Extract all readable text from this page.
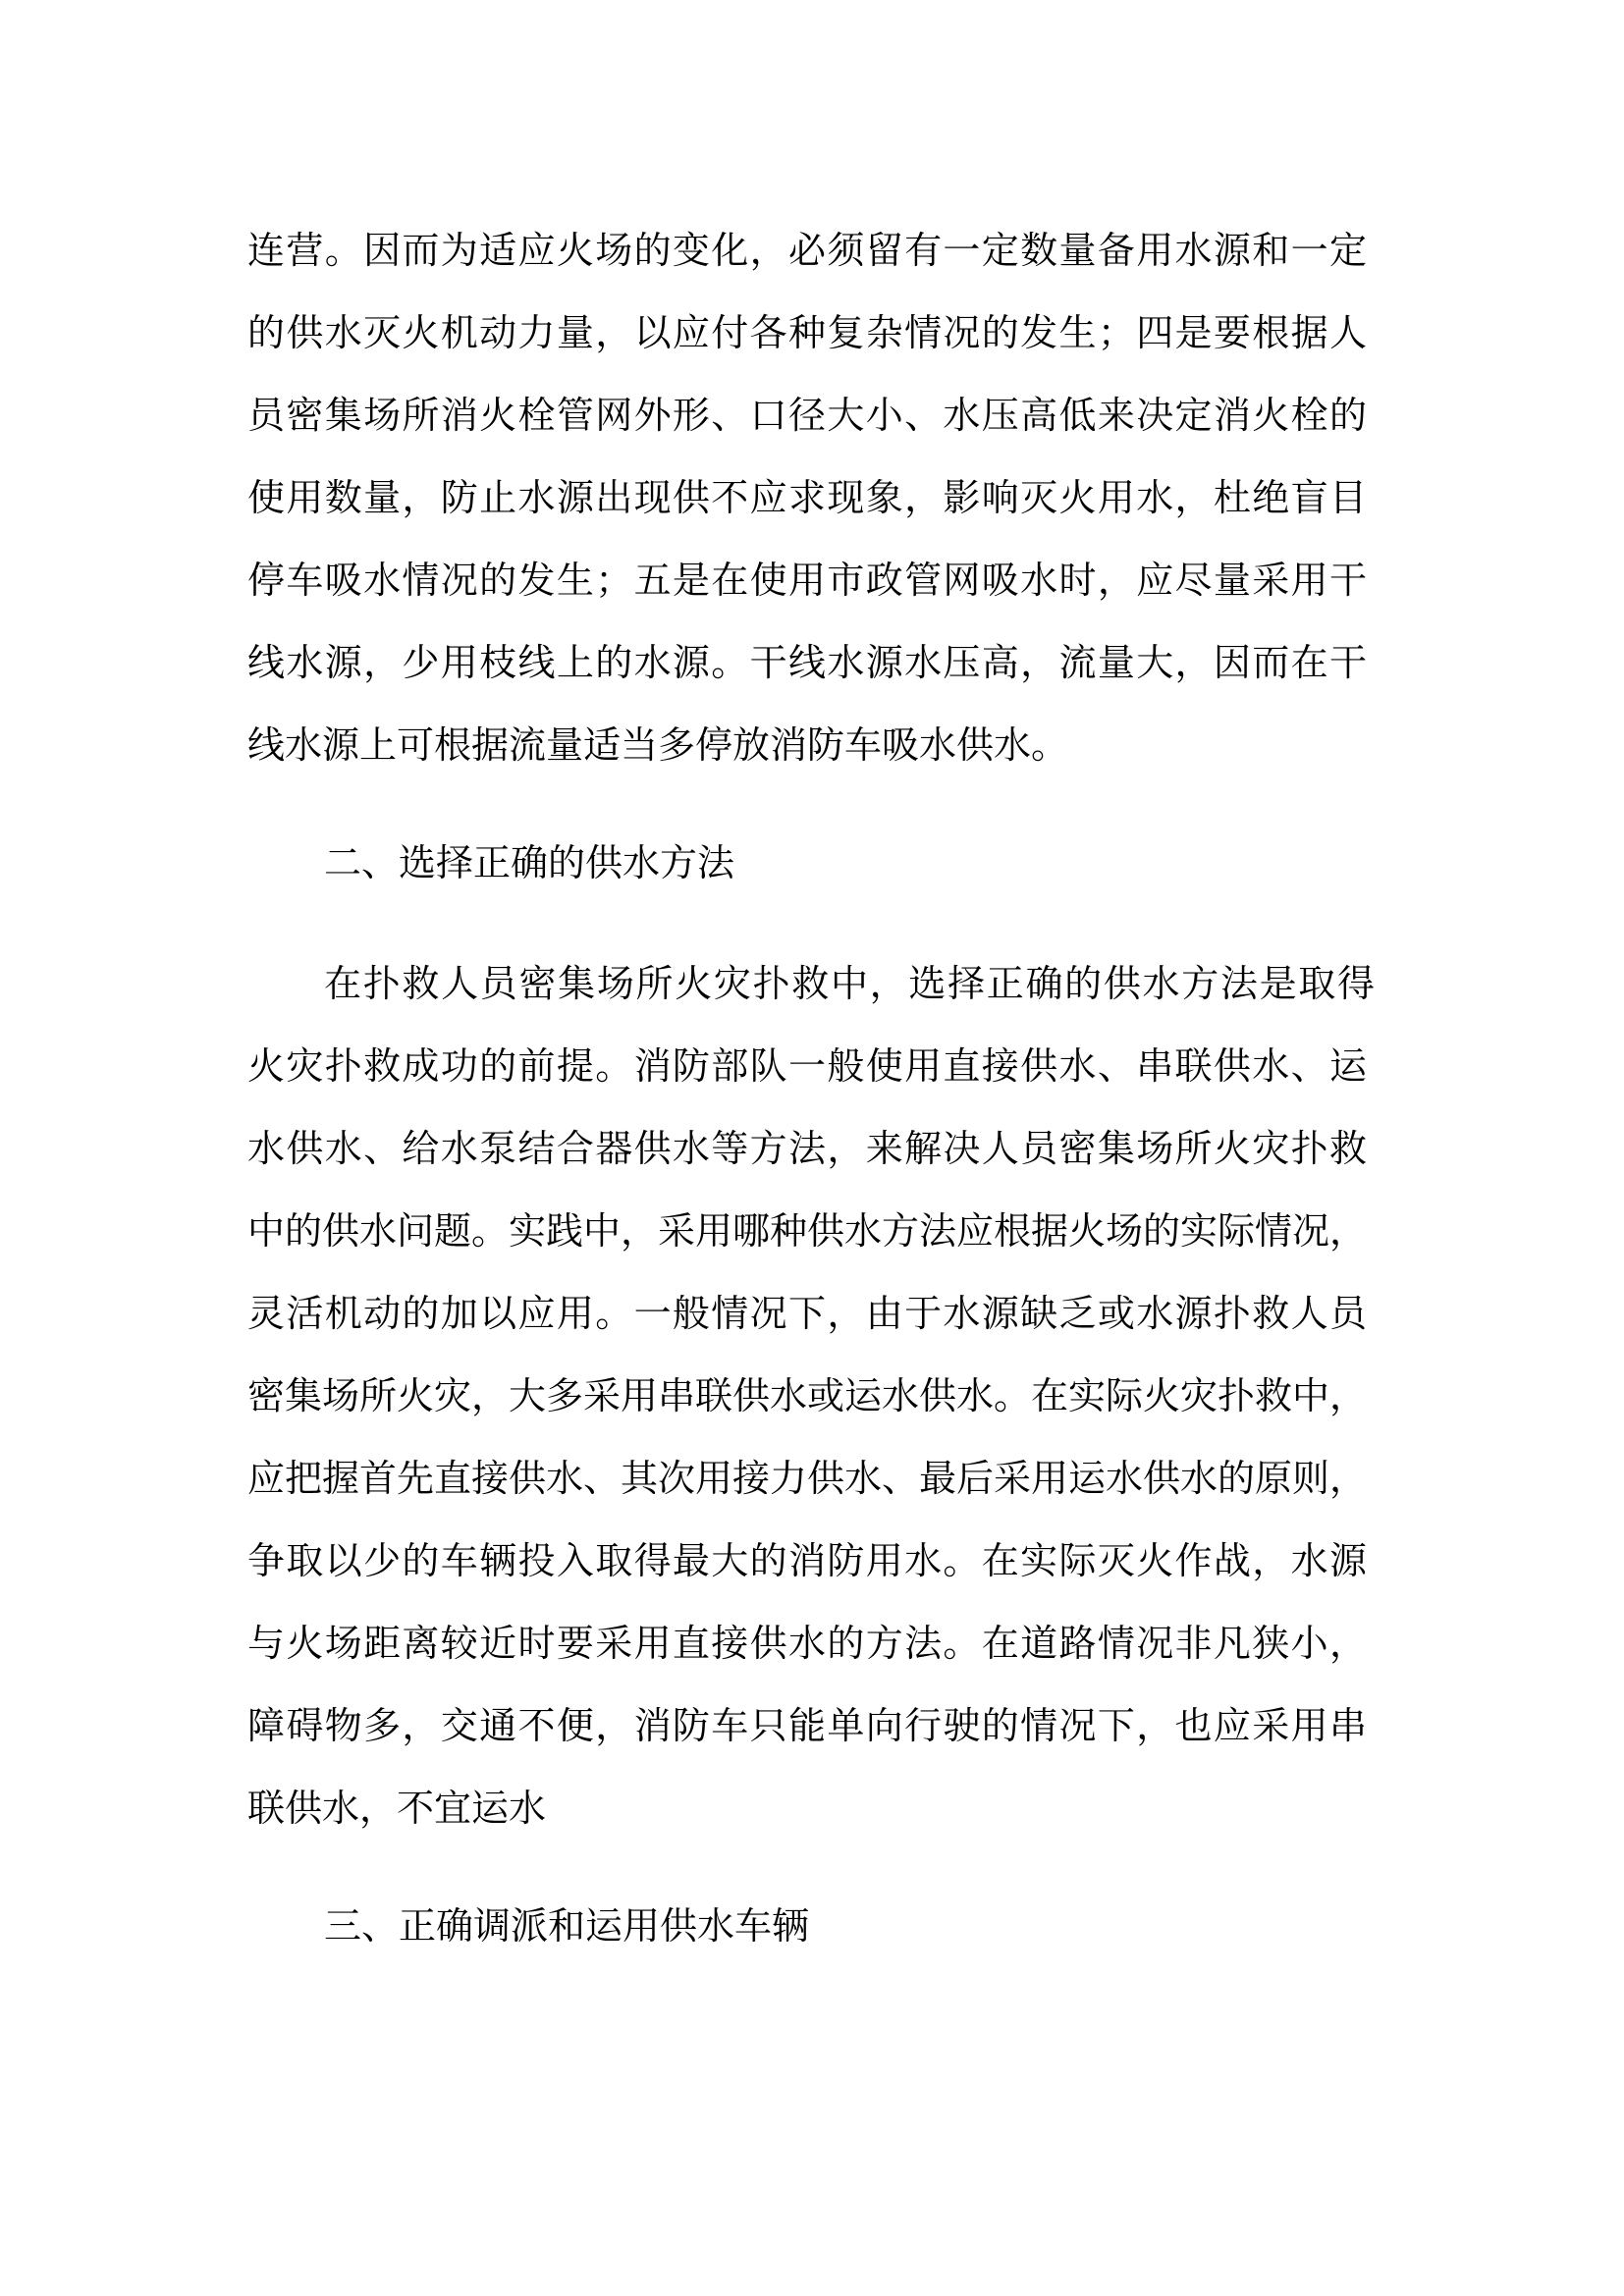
连营。因而为适应火场的变化，必须留有一定数量备用水源和一定
的供水灭火机动力量，以应付各种复杂情况的发生；四是要根据人
员密集场所消火栓管网外形、口径大小、水压高低来决定消火栓的
使用数量，防止水源出现供不应求现象，影响灭火用水，杜绝盲目
停车吸水情况的发生；五是在使用市政管网吸水时，应尽量采用干
线水源，少用枝线上的水源。干线水源水压高，流量大，因而在干
线水源上可根据流量适当多停放消防车吸水供水。
二、选择正确的供水方法
在扑救人员密集场所火灾扑救中，选择正确的供水方法是取得
火灾扑救成功的前提。消防部队一般使用直接供水、串联供水、运
水供水、给水泵结合器供水等方法，来解决人员密集场所火灾扑救
中的供水问题。实践中，采用哪种供水方法应根据火场的实际情况，
灵活机动的加以应用。一般情况下，由于水源缺乏或水源扑救人员
密集场所火灾，大多采用串联供水或运水供水。在实际火灾扑救中，
应把握首先直接供水、其次用接力供水、最后采用运水供水的原则，
争取以少的车辆投入取得最大的消防用水。在实际灭火作战，水源
与火场距离较近时要采用直接供水的方法。在道路情况非凡狭小，
障碍物多，交通不便，消防车只能单向行驶的情况下，也应采用串
联供水，不宜运水
三、正确调派和运用供水车辆
